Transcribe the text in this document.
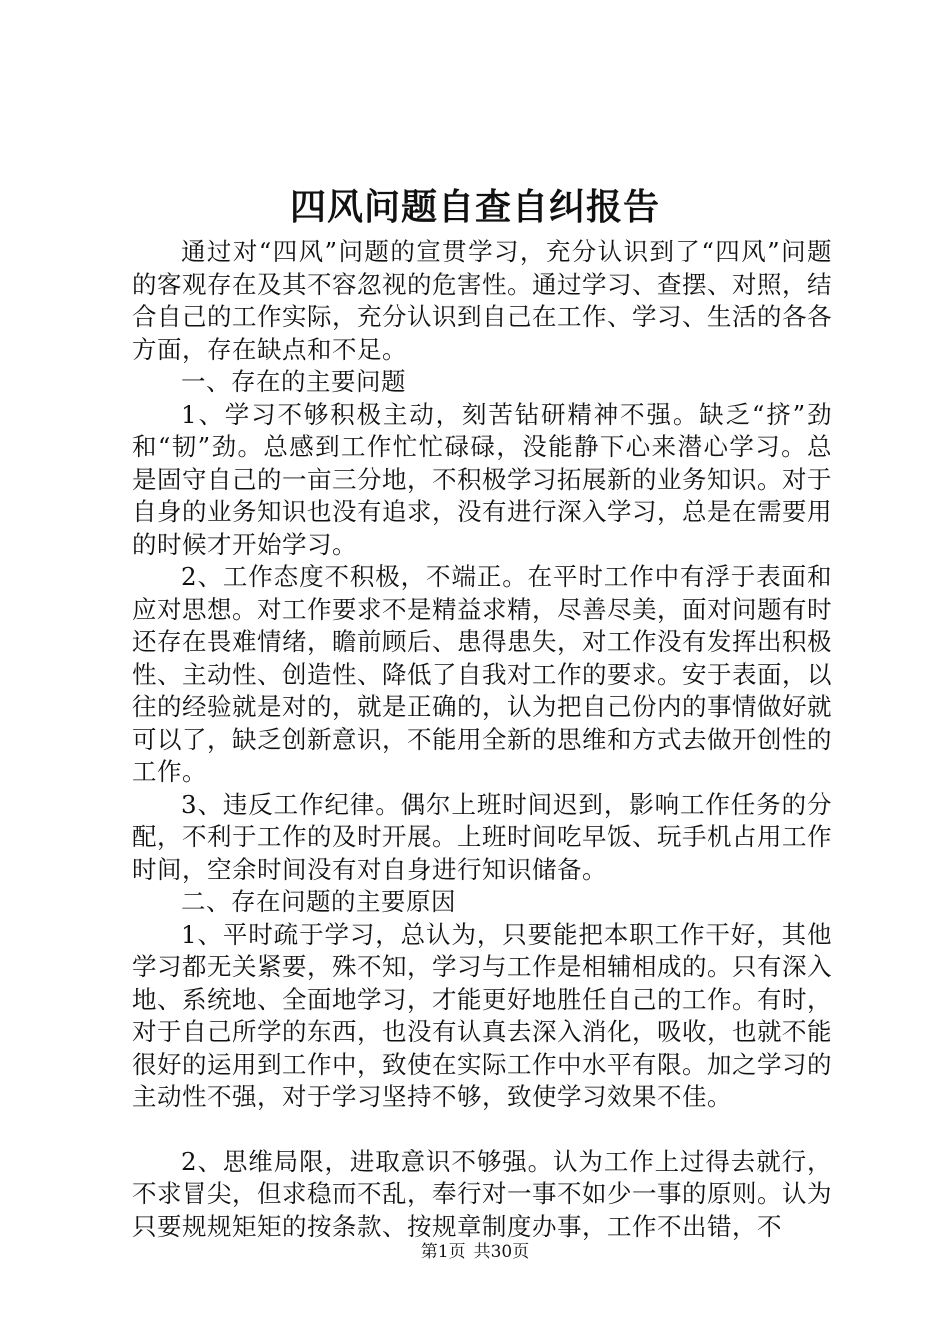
四风问题自查自纠报告

通过对“四风”问题的宣贯学习，充分认识到了“四风”问题的客观存在及其不容忽视的危害性。通过学习、查摆、对照，结合自己的工作实际，充分认识到自己在工作、学习、生活的各各方面，存在缺点和不足。

一、存在的主要问题

1、学习不够积极主动，刻苦钻研精神不强。缺乏“挤”劲和“韧”劲。总感到工作忙忙碌碌，没能静下心来潜心学习。总是固守自己的一亩三分地，不积极学习拓展新的业务知识。对于自身的业务知识也没有追求，没有进行深入学习，总是在需要用的时候才开始学习。

2、工作态度不积极，不端正。在平时工作中有浮于表面和应对思想。对工作要求不是精益求精，尽善尽美，面对问题有时还存在畏难情绪，瞻前顾后、患得患失，对工作没有发挥出积极性、主动性、创造性、降低了自我对工作的要求。安于表面，以往的经验就是对的，就是正确的，认为把自己份内的事情做好就可以了，缺乏创新意识，不能用全新的思维和方式去做开创性的工作。

3、违反工作纪律。偶尔上班时间迟到，影响工作任务的分配，不利于工作的及时开展。上班时间吃早饭、玩手机占用工作时间，空余时间没有对自身进行知识储备。

二、存在问题的主要原因

1、平时疏于学习，总认为，只要能把本职工作干好，其他学习都无关紧要，殊不知，学习与工作是相辅相成的。只有深入地、系统地、全面地学习，才能更好地胜任自己的工作。有时，对于自己所学的东西，也没有认真去深入消化，吸收，也就不能很好的运用到工作中，致使在实际工作中水平有限。加之学习的主动性不强，对于学习坚持不够，致使学习效果不佳。

2、思维局限，进取意识不够强。认为工作上过得去就行，不求冒尖，但求稳而不乱，奉行对一事不如少一事的原则。认为只要规规矩矩的按条款、按规章制度办事，工作不出错，不

第1页 共30页
